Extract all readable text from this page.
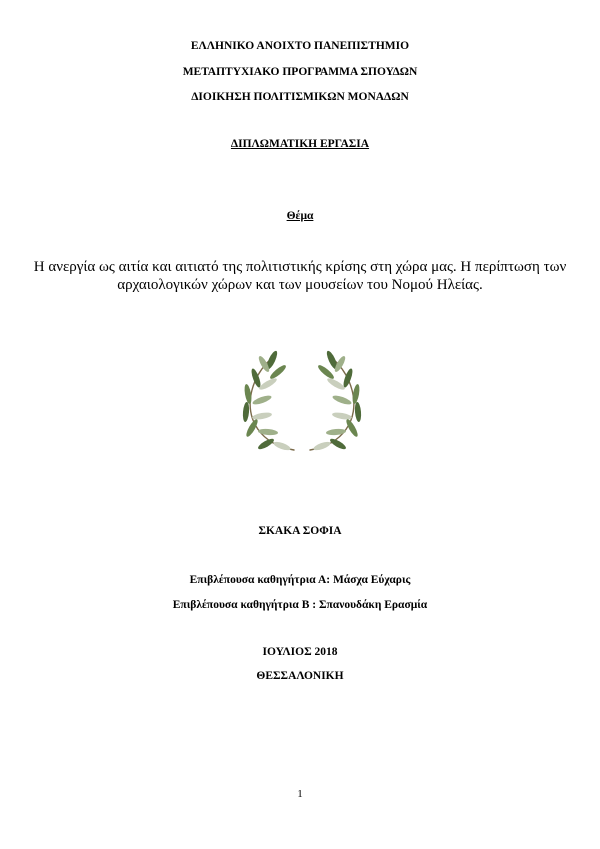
ΕΛΛΗΝΙΚΟ ΑΝΟΙΧΤΟ ΠΑΝΕΠΙΣΤΗΜΙΟ
ΜΕΤΑΠΤΥΧΙΑΚΟ ΠΡΟΓΡΑΜΜΑ ΣΠΟΥΔΩΝ
ΔΙΟΙΚΗΣΗ ΠΟΛΙΤΙΣΜΙΚΩΝ ΜΟΝΑΔΩΝ
ΔΙΠΛΩΜΑΤΙΚΗ ΕΡΓΑΣΙΑ
Θέμα
Η ανεργία ως αιτία και αιτιατό της πολιτιστικής κρίσης στη χώρα μας. Η περίπτωση των
αρχαιολογικών χώρων και των μουσείων του Νομού Ηλείας.
ΣΚΑΚΑ ΣΟΦΙΑ
Επιβλέπουσα καθηγήτρια Α: Μάσχα Εύχαρις
Επιβλέπουσα καθηγήτρια Β : Σπανουδάκη Ερασμία
ΙΟΥΛΙΟΣ 2018
ΘΕΣΣΑΛΟΝΙΚΗ
1
